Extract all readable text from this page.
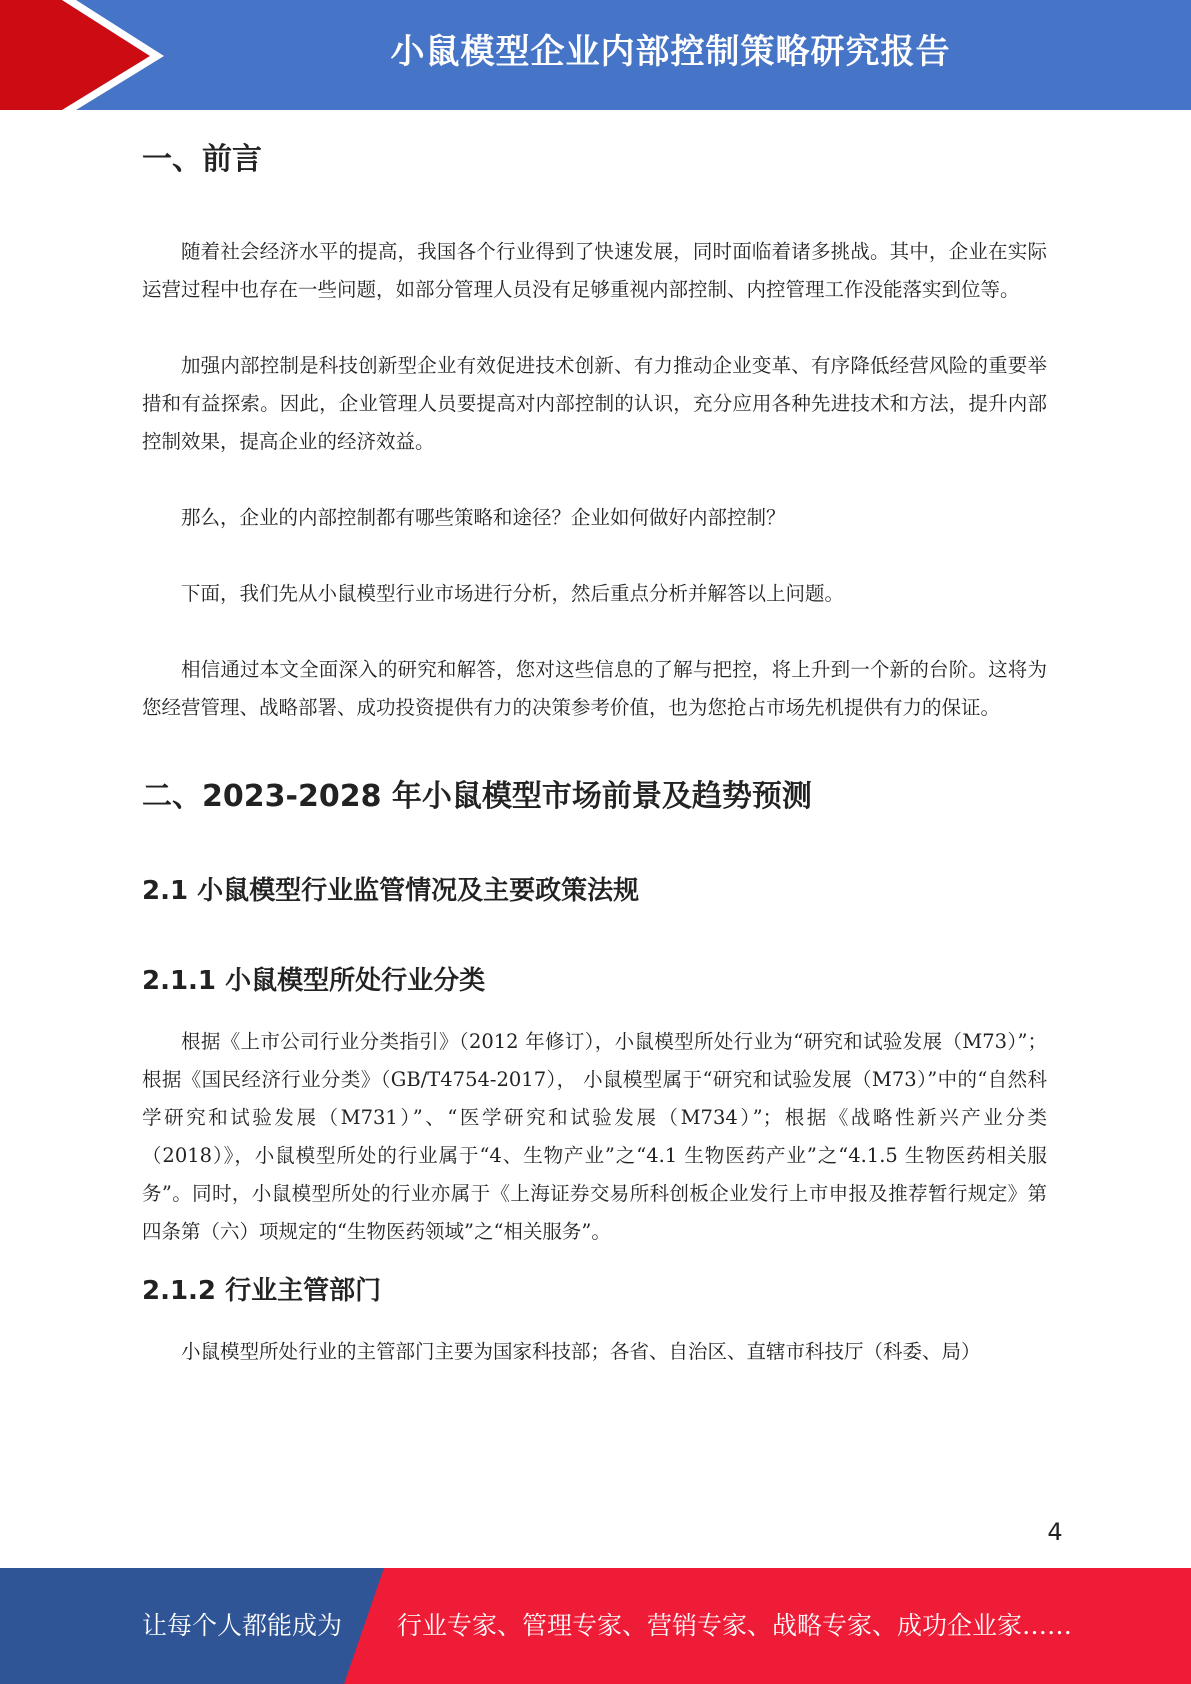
小鼠模型企业内部控制策略研究报告
一、前言

随着社会经济水平的提高，我国各个行业得到了快速发展，同时面临着诸多挑战。其中，企业在实际运营过程中也存在一些问题，如部分管理人员没有足够重视内部控制、内控管理工作没能落实到位等。

加强内部控制是科技创新型企业有效促进技术创新、有力推动企业变革、有序降低经营风险的重要举措和有益探索。因此，企业管理人员要提高对内部控制的认识，充分应用各种先进技术和方法，提升内部控制效果，提高企业的经济效益。

那么，企业的内部控制都有哪些策略和途径？企业如何做好内部控制？

下面，我们先从小鼠模型行业市场进行分析，然后重点分析并解答以上问题。

相信通过本文全面深入的研究和解答，您对这些信息的了解与把控，将上升到一个新的台阶。这将为您经营管理、战略部署、成功投资提供有力的决策参考价值，也为您抢占市场先机提供有力的保证。

二、2023-2028 年小鼠模型市场前景及趋势预测
2.1 小鼠模型行业监管情况及主要政策法规
2.1.1 小鼠模型所处行业分类

根据《上市公司行业分类指引》（2012 年修订），小鼠模型所处行业为“研究和试验发展（M73）”；根据《国民经济行业分类》（GB/T4754-2017）， 小鼠模型属于“研究和试验发展（M73）”中的“自然科学研究和试验发展（M731）”、“医学研究和试验发展（M734）”；根据《战略性新兴产业分类（2018）》，小鼠模型所处的行业属于“4、生物产业”之“4.1 生物医药产业”之“4.1.5 生物医药相关服务”。同时，小鼠模型所处的行业亦属于《上海证券交易所科创板企业发行上市申报及推荐暂行规定》第四条第（六）项规定的“生物医药领域”之“相关服务”。

2.1.2 行业主管部门

小鼠模型所处行业的主管部门主要为国家科技部；各省、自治区、直辖市科技厅（科委、局）

4
让每个人都能成为 行业专家、管理专家、营销专家、战略专家、成功企业家……
